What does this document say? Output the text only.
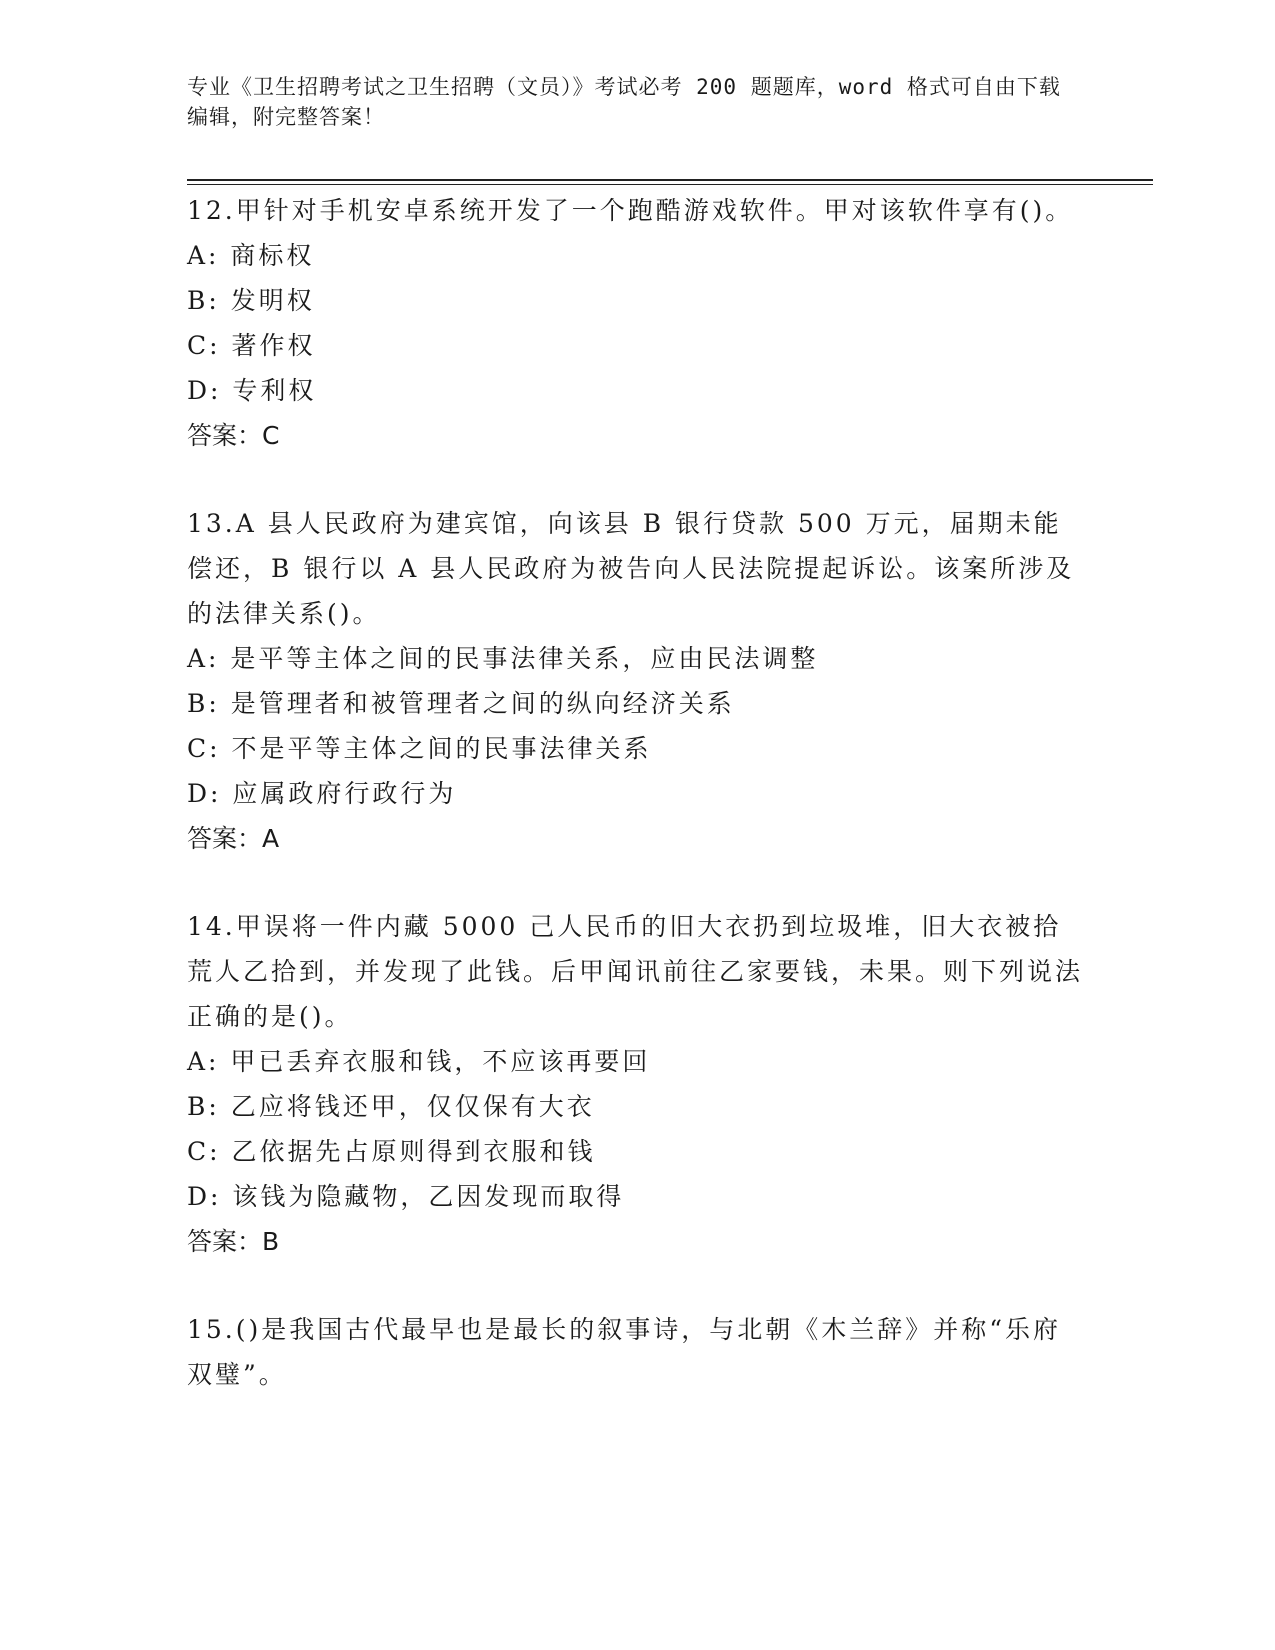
专业《卫生招聘考试之卫生招聘（文员）》考试必考 200 题题库，word 格式可自由下载编辑，附完整答案！
12.甲针对手机安卓系统开发了一个跑酷游戏软件。甲对该软件享有()。
A: 商标权
B: 发明权
C: 著作权
D: 专利权
答案：C
13.A 县人民政府为建宾馆，向该县 B 银行贷款 500 万元，届期未能偿还，B 银行以 A 县人民政府为被告向人民法院提起诉讼。该案所涉及的法律关系()。
A: 是平等主体之间的民事法律关系，应由民法调整
B: 是管理者和被管理者之间的纵向经济关系
C: 不是平等主体之间的民事法律关系
D: 应属政府行政行为
答案：A
14.甲误将一件内藏 5000 己人民币的旧大衣扔到垃圾堆，旧大衣被拾荒人乙拾到，并发现了此钱。后甲闻讯前往乙家要钱，未果。则下列说法正确的是()。
A: 甲已丢弃衣服和钱，不应该再要回
B: 乙应将钱还甲，仅仅保有大衣
C: 乙依据先占原则得到衣服和钱
D: 该钱为隐藏物，乙因发现而取得
答案：B
15.()是我国古代最早也是最长的叙事诗，与北朝《木兰辞》并称“乐府双璧”。
